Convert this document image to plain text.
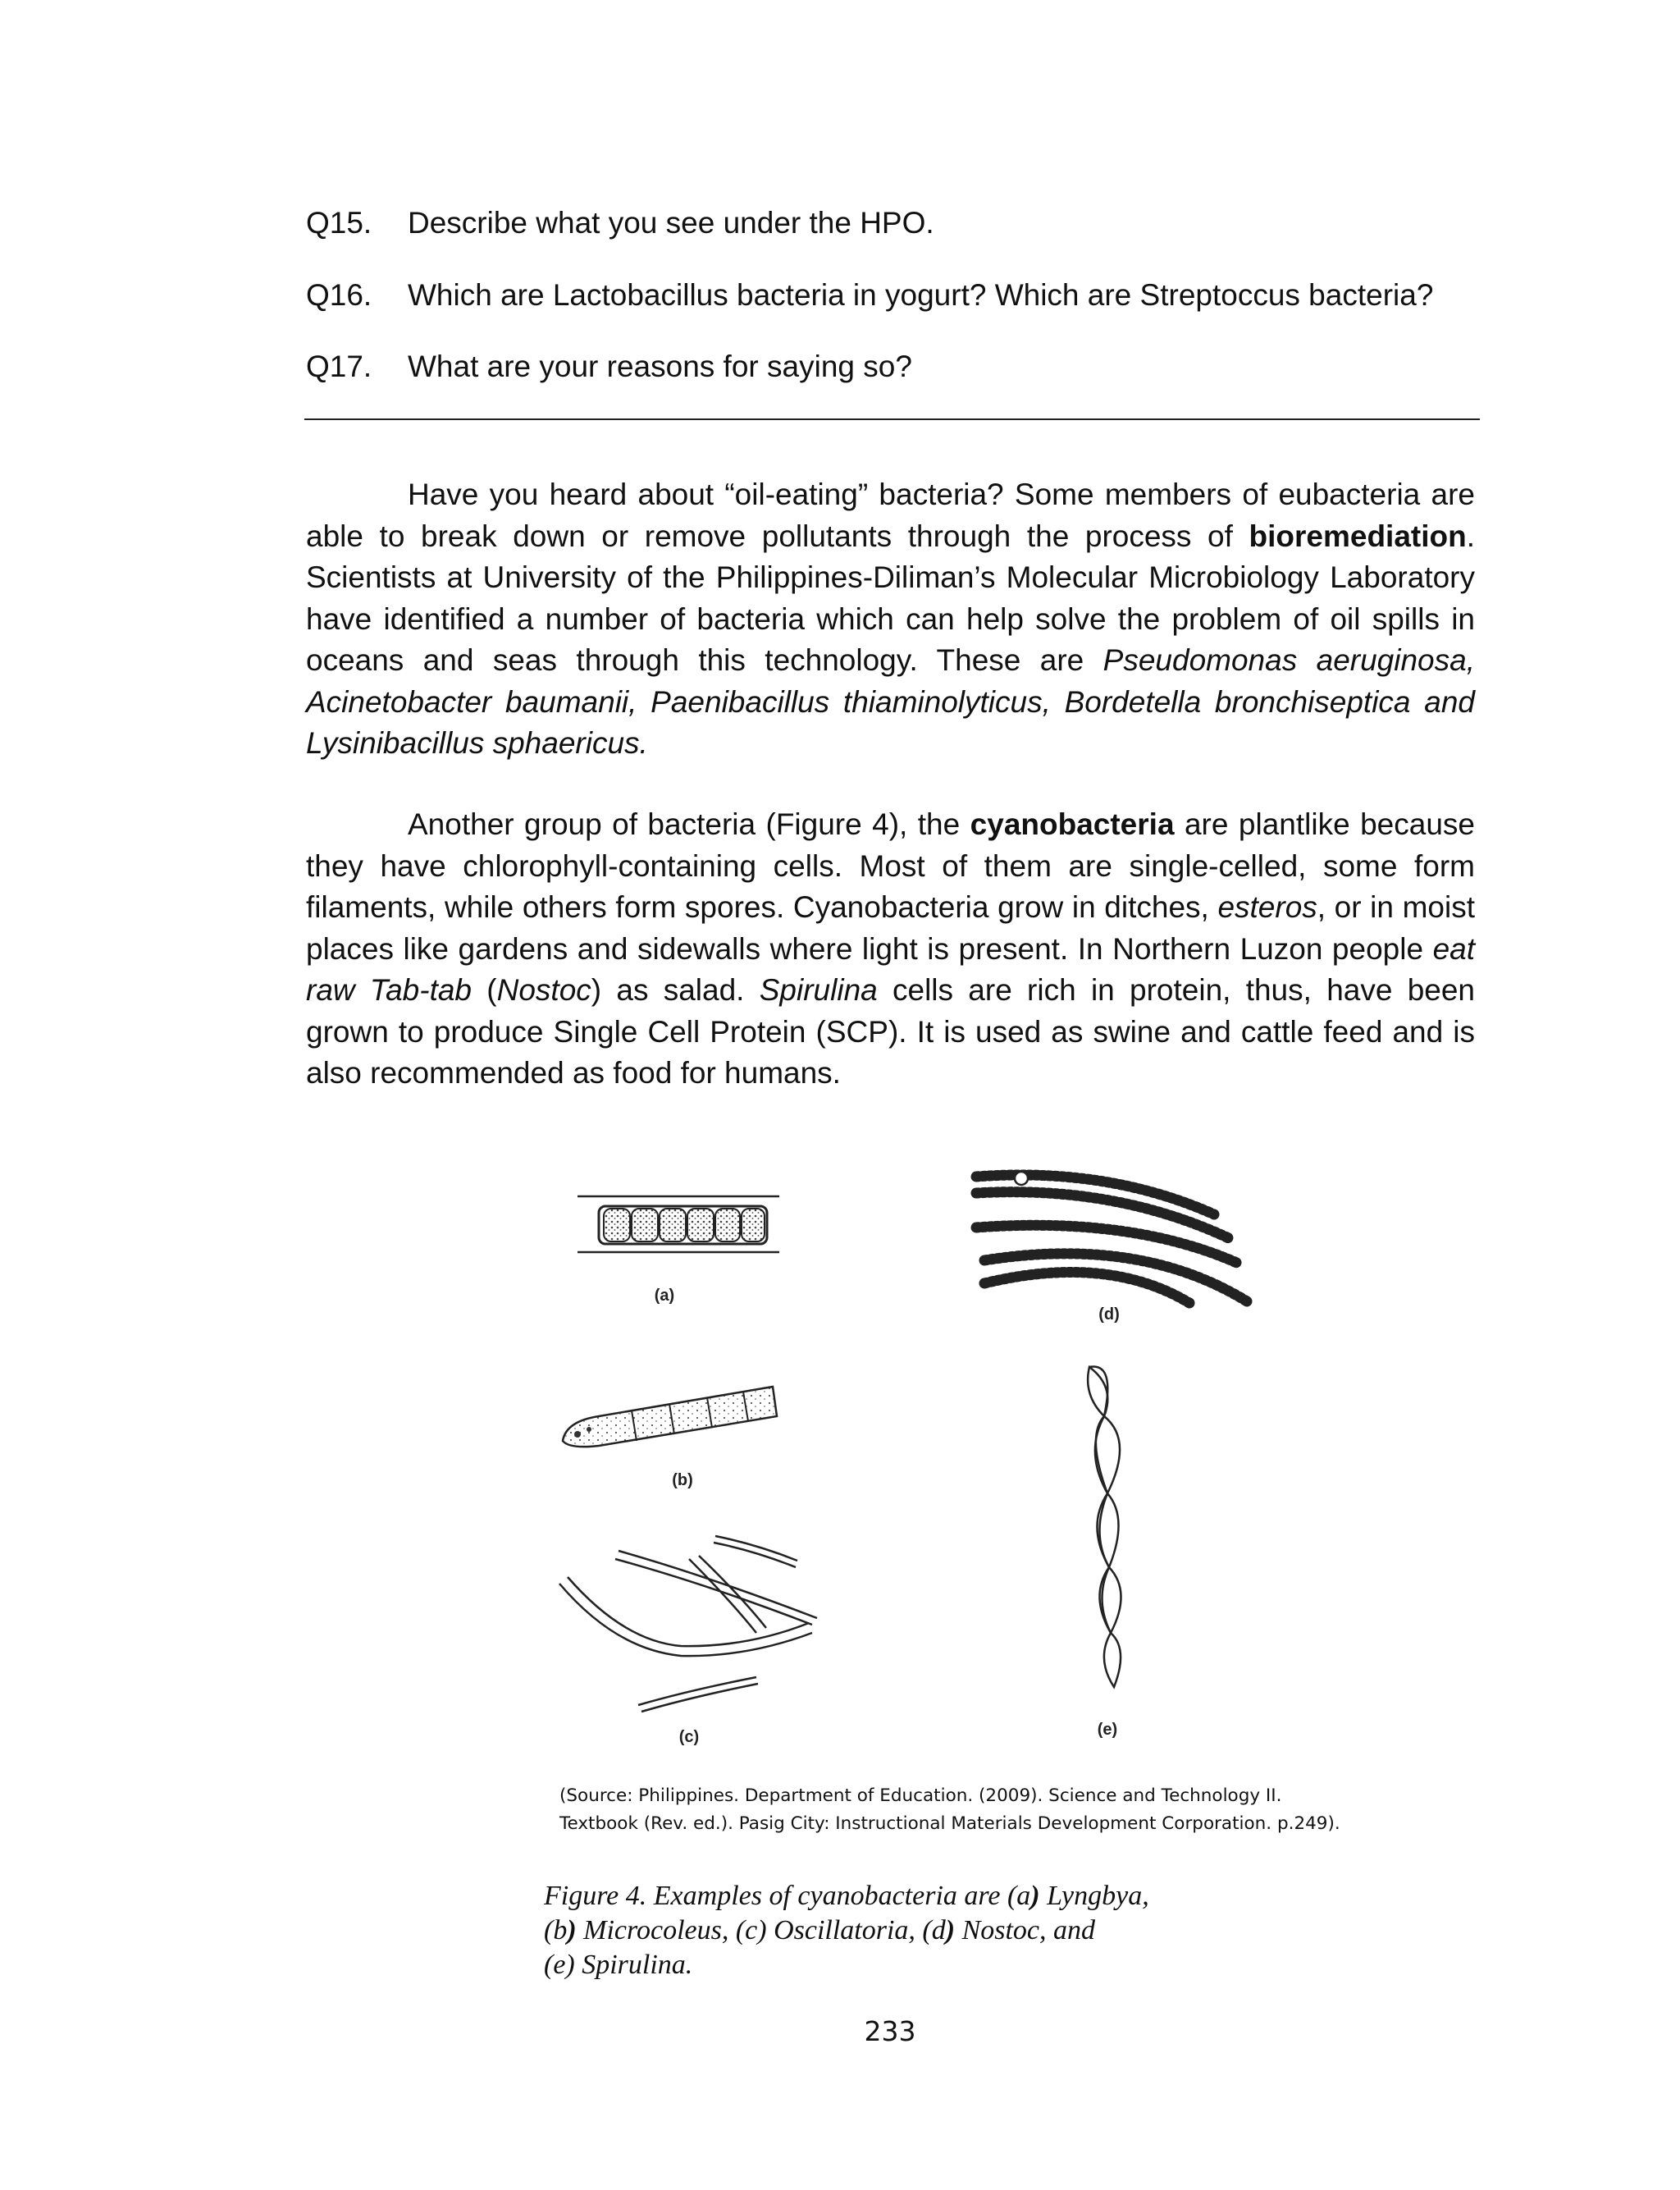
Q15. Describe what you see under the HPO.
Q16. Which are Lactobacillus bacteria in yogurt? Which are Streptoccus bacteria?
Q17. What are your reasons for saying so?

Have you heard about “oil-eating” bacteria? Some members of eubacteria are able to break down or remove pollutants through the process of bioremediation. Scientists at University of the Philippines-Diliman’s Molecular Microbiology Laboratory have identified a number of bacteria which can help solve the problem of oil spills in oceans and seas through this technology. These are Pseudomonas aeruginosa, Acinetobacter baumanii, Paenibacillus thiaminolyticus, Bordetella bronchiseptica and Lysinibacillus sphaericus.

Another group of bacteria (Figure 4), the cyanobacteria are plantlike because they have chlorophyll-containing cells. Most of them are single-celled, some form filaments, while others form spores. Cyanobacteria grow in ditches, esteros, or in moist places like gardens and sidewalls where light is present. In Northern Luzon people eat raw Tab-tab (Nostoc) as salad. Spirulina cells are rich in protein, thus, have been grown to produce Single Cell Protein (SCP). It is used as swine and cattle feed and is also recommended as food for humans.

(a)
(b)
(c)
(d)
(e)
(Source: Philippines. Department of Education. (2009). Science and Technology II. Textbook (Rev. ed.). Pasig City: Instructional Materials Development Corporation. p.249).
Figure 4. Examples of cyanobacteria are (a) Lyngbya,
(b) Microcoleus, (c) Oscillatoria, (d) Nostoc, and
(e) Spirulina.
233
